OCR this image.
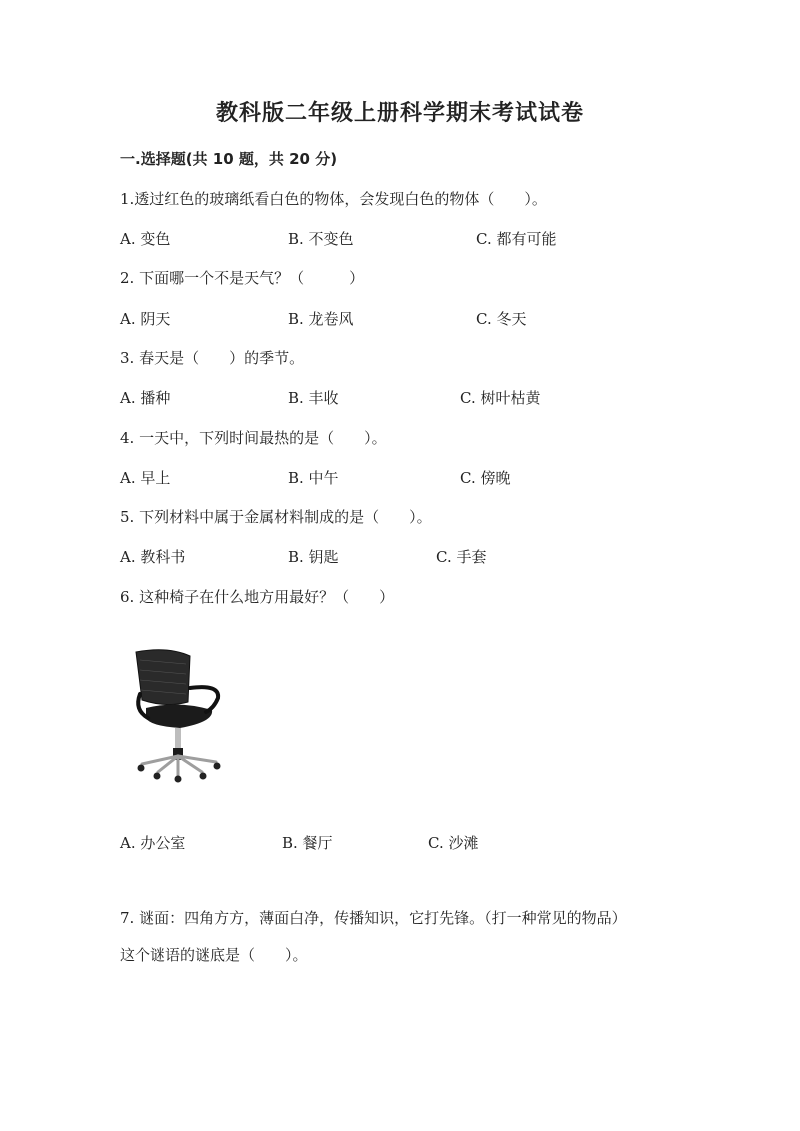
教科版二年级上册科学期末考试试卷
一.选择题(共 10 题，共 20 分)
1.透过红色的玻璃纸看白色的物体，会发现白色的物体（　　）。
A. 变色	B. 不变色	C. 都有可能
2. 下面哪一个不是天气？（　　　）
A. 阴天	B. 龙卷风	C. 冬天
3. 春天是（　　）的季节。
A. 播种	B. 丰收	C. 树叶枯黄
4. 一天中，下列时间最热的是（　　）。
A. 早上	B. 中午	C. 傍晚
5. 下列材料中属于金属材料制成的是（　　）。
A. 教科书	B. 钥匙	C. 手套
6. 这种椅子在什么地方用最好？（　　）
A. 办公室	B. 餐厅	C. 沙滩
7. 谜面：四角方方，薄面白净，传播知识，它打先锋。（打一种常见的物品）
这个谜语的谜底是（　　）。
